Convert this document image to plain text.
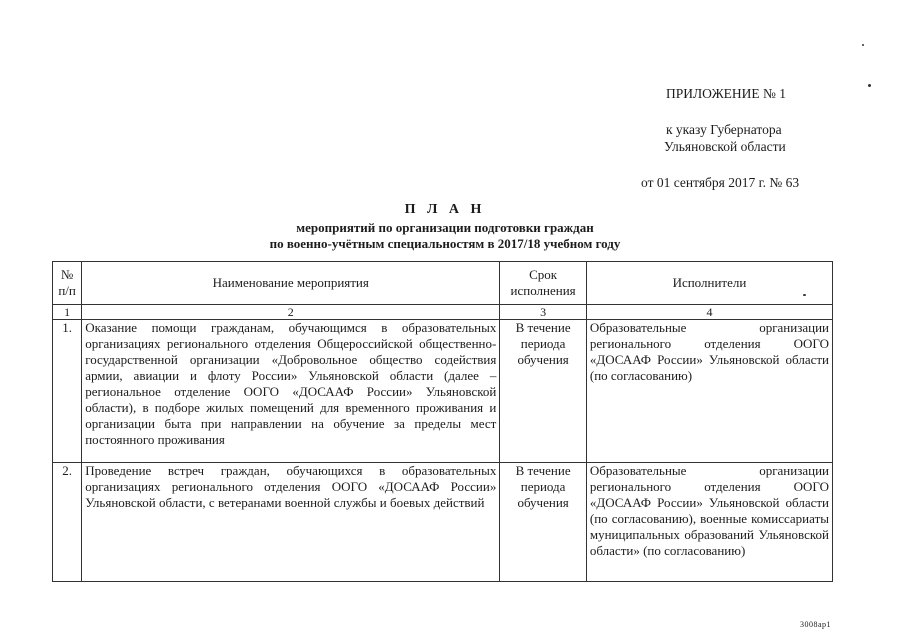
ПРИЛОЖЕНИЕ № 1
к указу Губернатора
Ульяновской области
от 01 сентября 2017 г. № 63
П Л А Н
мероприятий по организации подготовки граждан
по военно-учётным специальностям в 2017/18 учебном году
№ п/п	Наименование мероприятия	Срок исполнения	Исполнители
1	2	3	4
1.	Оказание помощи гражданам, обучающимся в образовательных организациях регионального отделения Общероссийской общественно-государственной организации «Добровольное общество содействия армии, авиации и флоту России» Ульяновской области (далее – региональное отделение ООГО «ДОСААФ России» Ульяновской области), в подборе жилых помещений для временного проживания и организации быта при направлении на обучение за пределы мест постоянного проживания	В течение периода обучения	Образовательные организации регионального отделения ООГО «ДОСААФ России» Ульяновской области (по согласованию)
2.	Проведение встреч граждан, обучающихся в образовательных организациях регионального отделения ООГО «ДОСААФ России» Ульяновской области, с ветеранами военной службы и боевых действий	В течение периода обучения	Образовательные организации регионального отделения ООГО «ДОСААФ России» Ульяновской области (по согласованию), военные комиссариаты муниципальных образований Ульяновской области» (по согласованию)
3008ар1
